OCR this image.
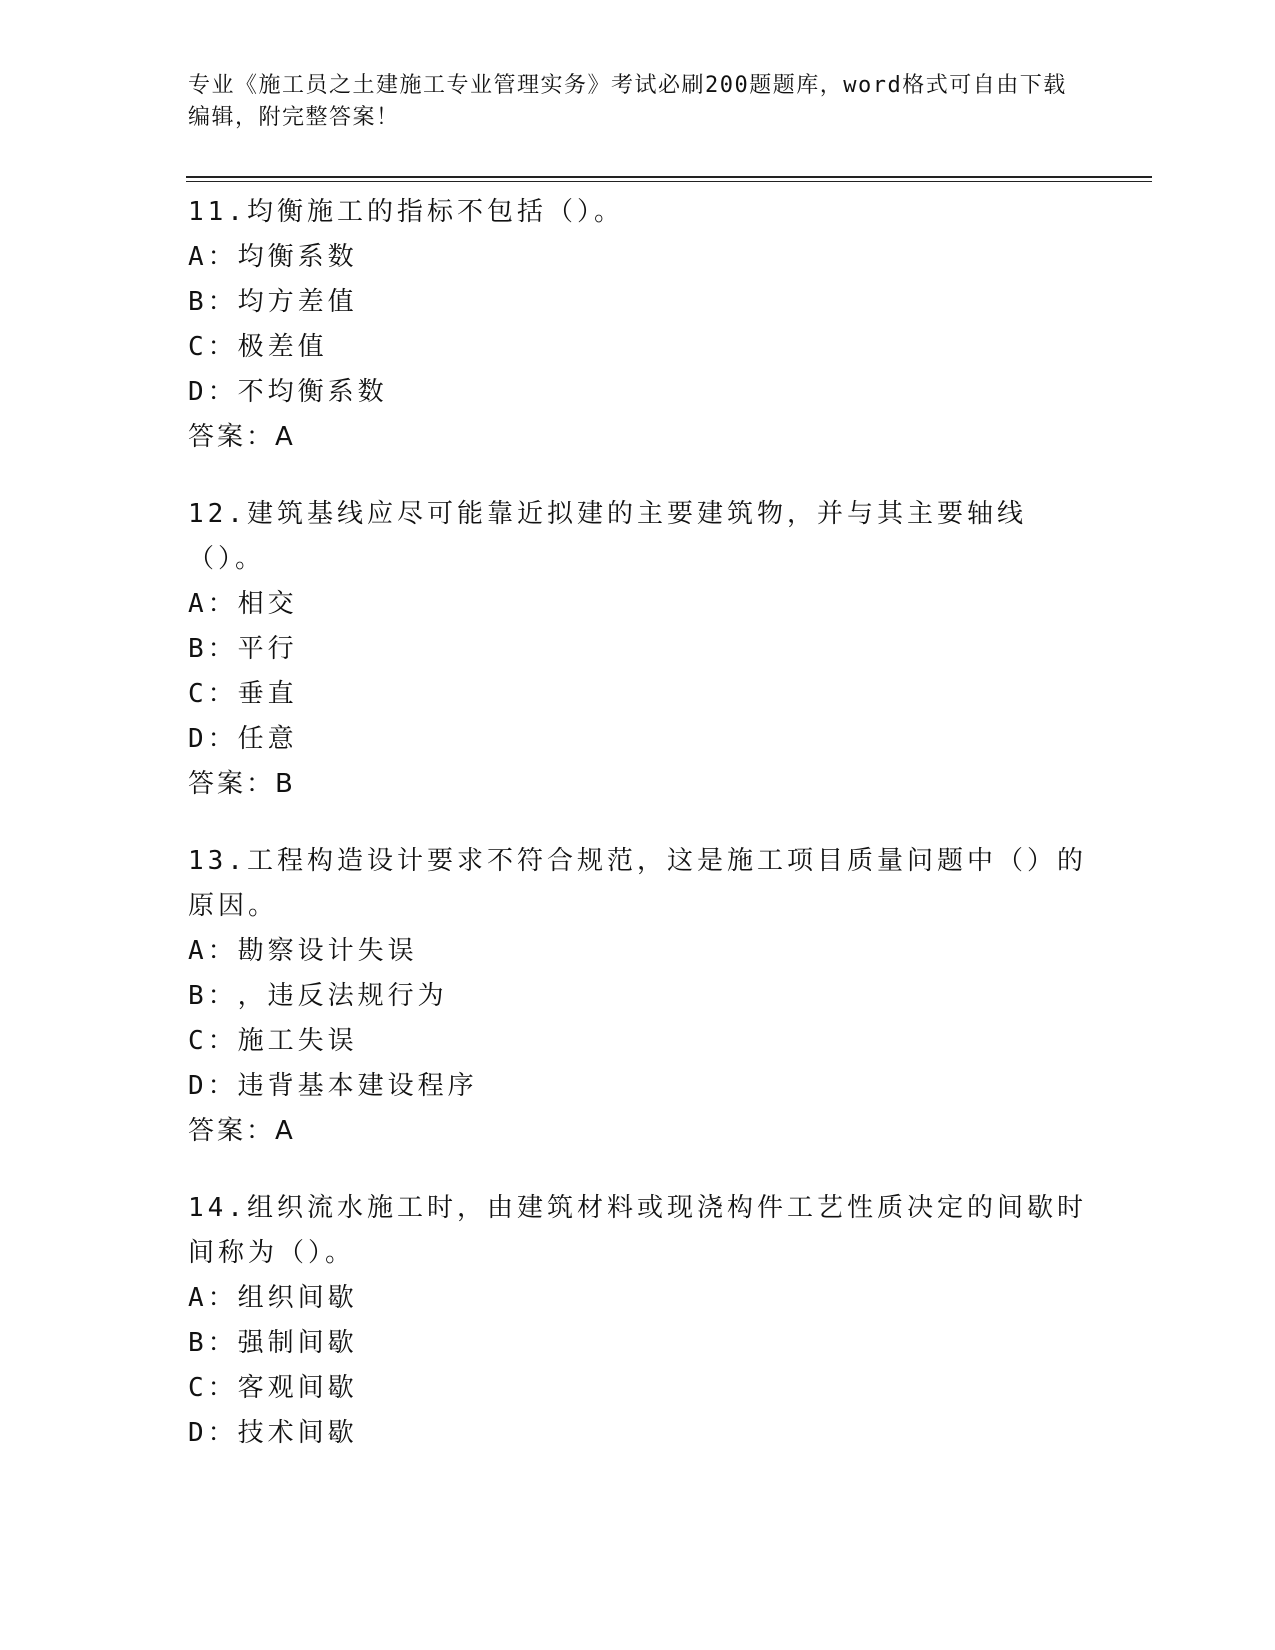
专业《施工员之土建施工专业管理实务》考试必刷200题题库，word格式可自由下载编辑，附完整答案！

11.均衡施工的指标不包括（）。

A： 均衡系数

B： 均方差值

C： 极差值

D： 不均衡系数

答案：A

12.建筑基线应尽可能靠近拟建的主要建筑物，并与其主要轴线（）。

A： 相交

B： 平行

C： 垂直

D： 任意

答案：B

13.工程构造设计要求不符合规范，这是施工项目质量问题中（）的原因。

A： 勘察设计失误

B： ，违反法规行为

C： 施工失误

D： 违背基本建设程序

答案：A

14.组织流水施工时，由建筑材料或现浇构件工艺性质决定的间歇时间称为（）。

A： 组织间歇

B： 强制间歇

C： 客观间歇

D： 技术间歇
